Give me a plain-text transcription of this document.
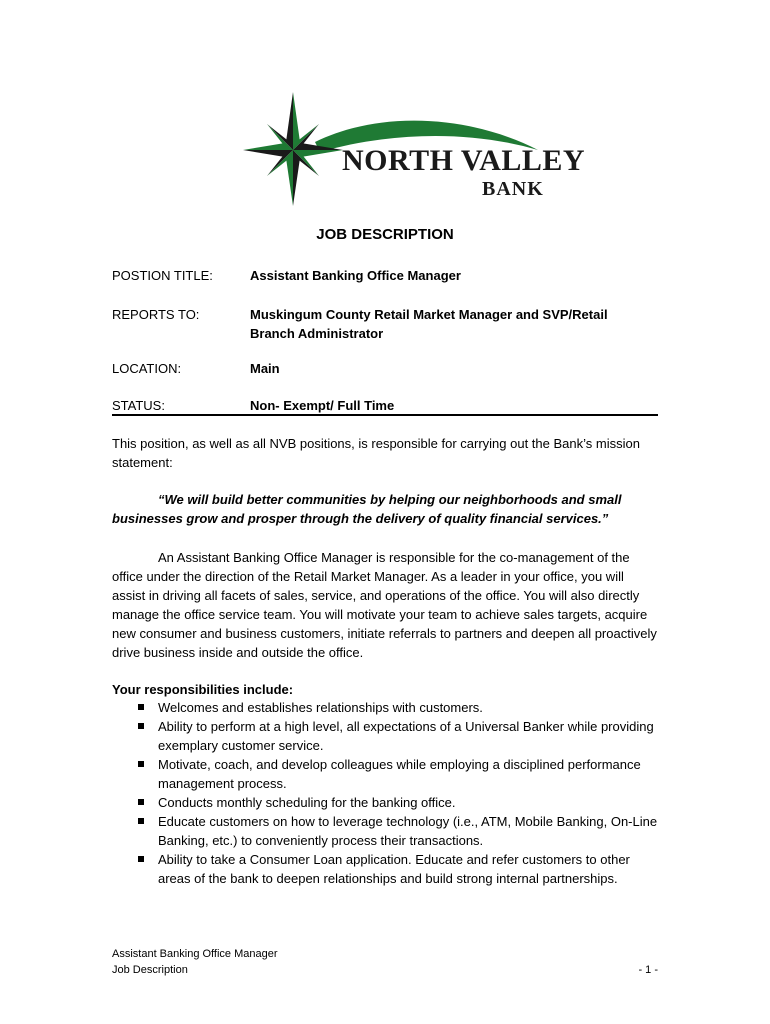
NORTH VALLEY
BANK
JOB DESCRIPTION
POSTION TITLE:	Assistant Banking Office Manager
REPORTS TO:	Muskingum County Retail Market Manager and SVP/Retail Branch Administrator
LOCATION:	Main
STATUS:	Non- Exempt/ Full Time
This position, as well as all NVB positions, is responsible for carrying out the Bank’s mission statement:
“We will build better communities by helping our neighborhoods and small businesses grow and prosper through the delivery of quality financial services.”
An Assistant Banking Office Manager is responsible for the co-management of the office under the direction of the Retail Market Manager. As a leader in your office, you will assist in driving all facets of sales, service, and operations of the office. You will also directly manage the office service team. You will motivate your team to achieve sales targets, acquire new consumer and business customers, initiate referrals to partners and deepen all proactively drive business inside and outside the office.
Your responsibilities include:
Welcomes and establishes relationships with customers.
Ability to perform at a high level, all expectations of a Universal Banker while providing exemplary customer service.
Motivate, coach, and develop colleagues while employing a disciplined performance management process.
Conducts monthly scheduling for the banking office.
Educate customers on how to leverage technology (i.e., ATM, Mobile Banking, On-Line Banking, etc.) to conveniently process their transactions.
Ability to take a Consumer Loan application. Educate and refer customers to other areas of the bank to deepen relationships and build strong internal partnerships.
Assistant Banking Office Manager
Job Description	- 1 -
